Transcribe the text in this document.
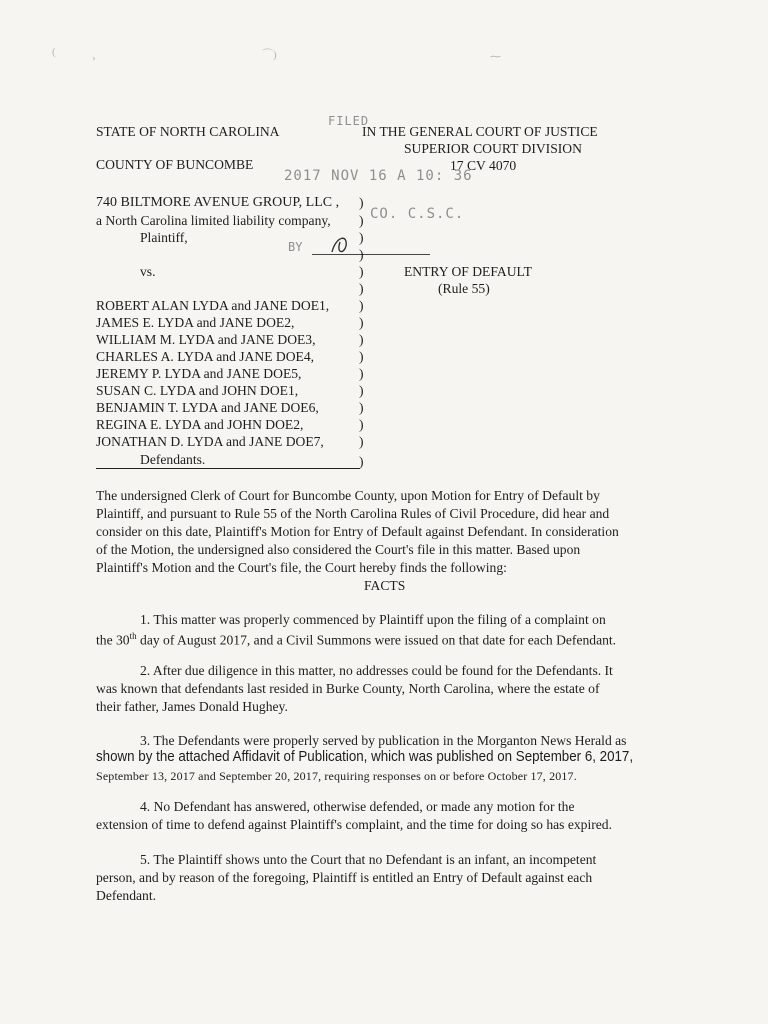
(	›	⌒)	⁓
STATE OF NORTH CAROLINA
COUNTY OF BUNCOMBE
IN THE GENERAL COURT OF JUSTICE
SUPERIOR COURT DIVISION
17 CV 4070
FILED
2017 NOV 16 A 10: 36
CO. C.S.C.
BY
740 BILTMORE AVENUE GROUP, LLC ,
a North Carolina limited liability company,
Plaintiff,
vs.
)
)
)
)
)
)
)
)
)
)
)
)
)
)
)
)
ENTRY OF DEFAULT
(Rule 55)
ROBERT ALAN LYDA and JANE DOE1,
JAMES E. LYDA and JANE DOE2,
WILLIAM M. LYDA and JANE DOE3,
CHARLES A. LYDA and JANE DOE4,
JEREMY P. LYDA and JANE DOE5,
SUSAN C. LYDA and JOHN DOE1,
BENJAMIN T. LYDA and JANE DOE6,
REGINA E. LYDA and JOHN DOE2,
JONATHAN D. LYDA and JANE DOE7,
Defendants.
The undersigned Clerk of Court for Buncombe County, upon Motion for Entry of Default by
Plaintiff, and pursuant to Rule 55 of the North Carolina Rules of Civil Procedure, did hear and
consider on this date, Plaintiff's Motion for Entry of Default against Defendant. In consideration
of the Motion, the undersigned also considered the Court's file in this matter. Based upon
Plaintiff's Motion and the Court's file, the Court hereby finds the following:
FACTS
1. This matter was properly commenced by Plaintiff upon the filing of a complaint on
the 30th day of August 2017, and a Civil Summons were issued on that date for each Defendant.
2. After due diligence in this matter, no addresses could be found for the Defendants. It
was known that defendants last resided in Burke County, North Carolina, where the estate of
their father, James Donald Hughey.
3. The Defendants were properly served by publication in the Morganton News Herald as
shown by the attached Affidavit of Publication, which was published on September 6, 2017,
September 13, 2017 and September 20, 2017, requiring responses on or before October 17, 2017.
4. No Defendant has answered, otherwise defended, or made any motion for the
extension of time to defend against Plaintiff's complaint, and the time for doing so has expired.
5. The Plaintiff shows unto the Court that no Defendant is an infant, an incompetent
person, and by reason of the foregoing, Plaintiff is entitled an Entry of Default against each
Defendant.
